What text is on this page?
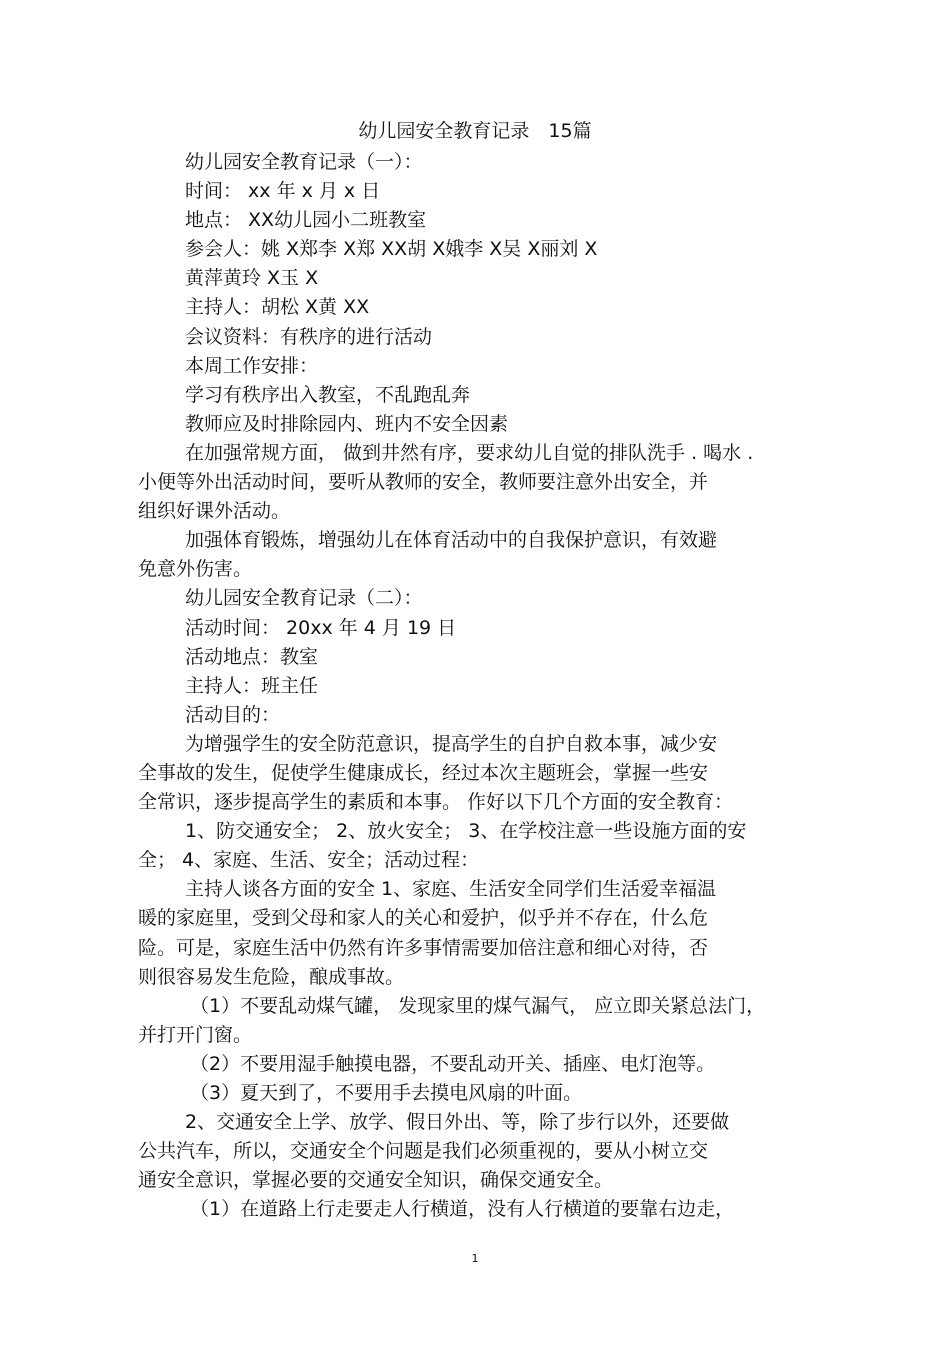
幼儿园安全教育记录　15篇
幼儿园安全教育记录（一）：
时间： xx 年 x 月 x 日
地点： XX幼儿园小二班教室
参会人：姚 X郑李 X郑 XX胡 X娥李 X吴 X丽刘 X
黄萍黄玲 X玉 X
主持人：胡松 X黄 XX
会议资料：有秩序的进行活动
本周工作安排：
学习有秩序出入教室，不乱跑乱奔
教师应及时排除园内、班内不安全因素
在加强常规方面， 做到井然有序，要求幼儿自觉的排队洗手 . 喝水 .
小便等外出活动时间，要听从教师的安全，教师要注意外出安全，并
组织好课外活动。
加强体育锻炼，增强幼儿在体育活动中的自我保护意识，有效避
免意外伤害。
幼儿园安全教育记录（二）：
活动时间： 20xx 年 4 月 19 日
活动地点：教室
主持人：班主任
活动目的：
为增强学生的安全防范意识，提高学生的自护自救本事，减少安
全事故的发生，促使学生健康成长，经过本次主题班会，掌握一些安
全常识，逐步提高学生的素质和本事。 作好以下几个方面的安全教育：
1、防交通安全； 2、放火安全； 3、在学校注意一些设施方面的安
全； 4、家庭、生活、安全；活动过程：
主持人谈各方面的安全 1、家庭、生活安全同学们生活爱幸福温
暖的家庭里，受到父母和家人的关心和爱护，似乎并不存在，什么危
险。可是，家庭生活中仍然有许多事情需要加倍注意和细心对待，否
则很容易发生危险，酿成事故。
（1）不要乱动煤气罐， 发现家里的煤气漏气， 应立即关紧总法门，
并打开门窗。
（2）不要用湿手触摸电器，不要乱动开关、插座、电灯泡等。
（3）夏天到了，不要用手去摸电风扇的叶面。
2、交通安全上学、放学、假日外出、等，除了步行以外，还要做
公共汽车，所以，交通安全个问题是我们必须重视的，要从小树立交
通安全意识，掌握必要的交通安全知识，确保交通安全。
（1）在道路上行走要走人行横道，没有人行横道的要靠右边走，
1
